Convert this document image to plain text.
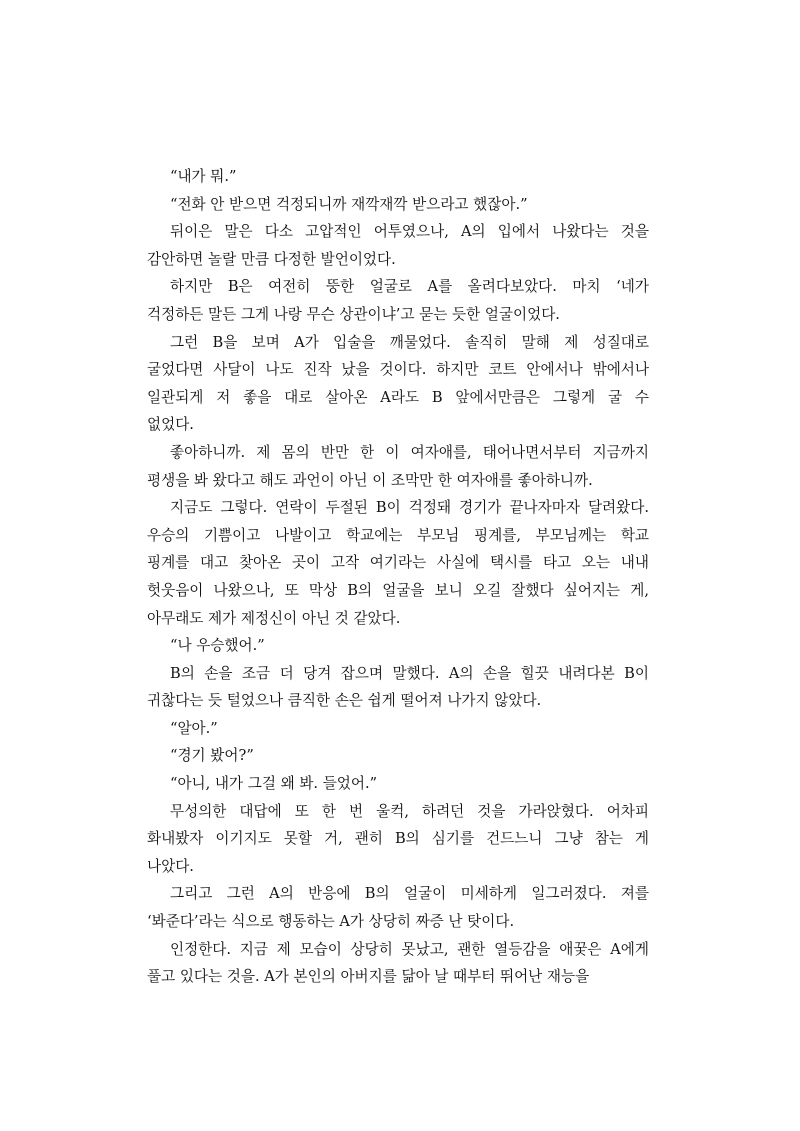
“내가 뭐.”
“전화 안 받으면 걱정되니까 재깍재깍 받으라고 했잖아.”
뒤이은 말은 다소 고압적인 어투였으나, A의 입에서 나왔다는 것을
감안하면 놀랄 만큼 다정한 발언이었다.
하지만 B은 여전히 뚱한 얼굴로 A를 올려다보았다. 마치 ‘네가
걱정하든 말든 그게 나랑 무슨 상관이냐’고 묻는 듯한 얼굴이었다.
그런 B을 보며 A가 입술을 깨물었다. 솔직히 말해 제 성질대로
굴었다면 사달이 나도 진작 났을 것이다. 하지만 코트 안에서나 밖에서나
일관되게 저 좋을 대로 살아온 A라도 B 앞에서만큼은 그렇게 굴 수
없었다.
좋아하니까. 제 몸의 반만 한 이 여자애를, 태어나면서부터 지금까지
평생을 봐 왔다고 해도 과언이 아닌 이 조막만 한 여자애를 좋아하니까.
지금도 그렇다. 연락이 두절된 B이 걱정돼 경기가 끝나자마자 달려왔다.
우승의 기쁨이고 나발이고 학교에는 부모님 핑계를, 부모님께는 학교
핑계를 대고 찾아온 곳이 고작 여기라는 사실에 택시를 타고 오는 내내
헛웃음이 나왔으나, 또 막상 B의 얼굴을 보니 오길 잘했다 싶어지는 게,
아무래도 제가 제정신이 아닌 것 같았다.
“나 우승했어.”
B의 손을 조금 더 당겨 잡으며 말했다. A의 손을 힐끗 내려다본 B이
귀찮다는 듯 털었으나 큼직한 손은 쉽게 떨어져 나가지 않았다.
“알아.”
“경기 봤어?”
“아니, 내가 그걸 왜 봐. 들었어.”
무성의한 대답에 또 한 번 울컥, 하려던 것을 가라앉혔다. 어차피
화내봤자 이기지도 못할 거, 괜히 B의 심기를 건드느니 그냥 참는 게
나았다.
그리고 그런 A의 반응에 B의 얼굴이 미세하게 일그러졌다. 져를
‘봐준다’라는 식으로 행동하는 A가 상당히 짜증 난 탓이다.
인정한다. 지금 제 모습이 상당히 못났고, 괜한 열등감을 애꿎은 A에게
풀고 있다는 것을. A가 본인의 아버지를 닮아 날 때부터 뛰어난 재능을
